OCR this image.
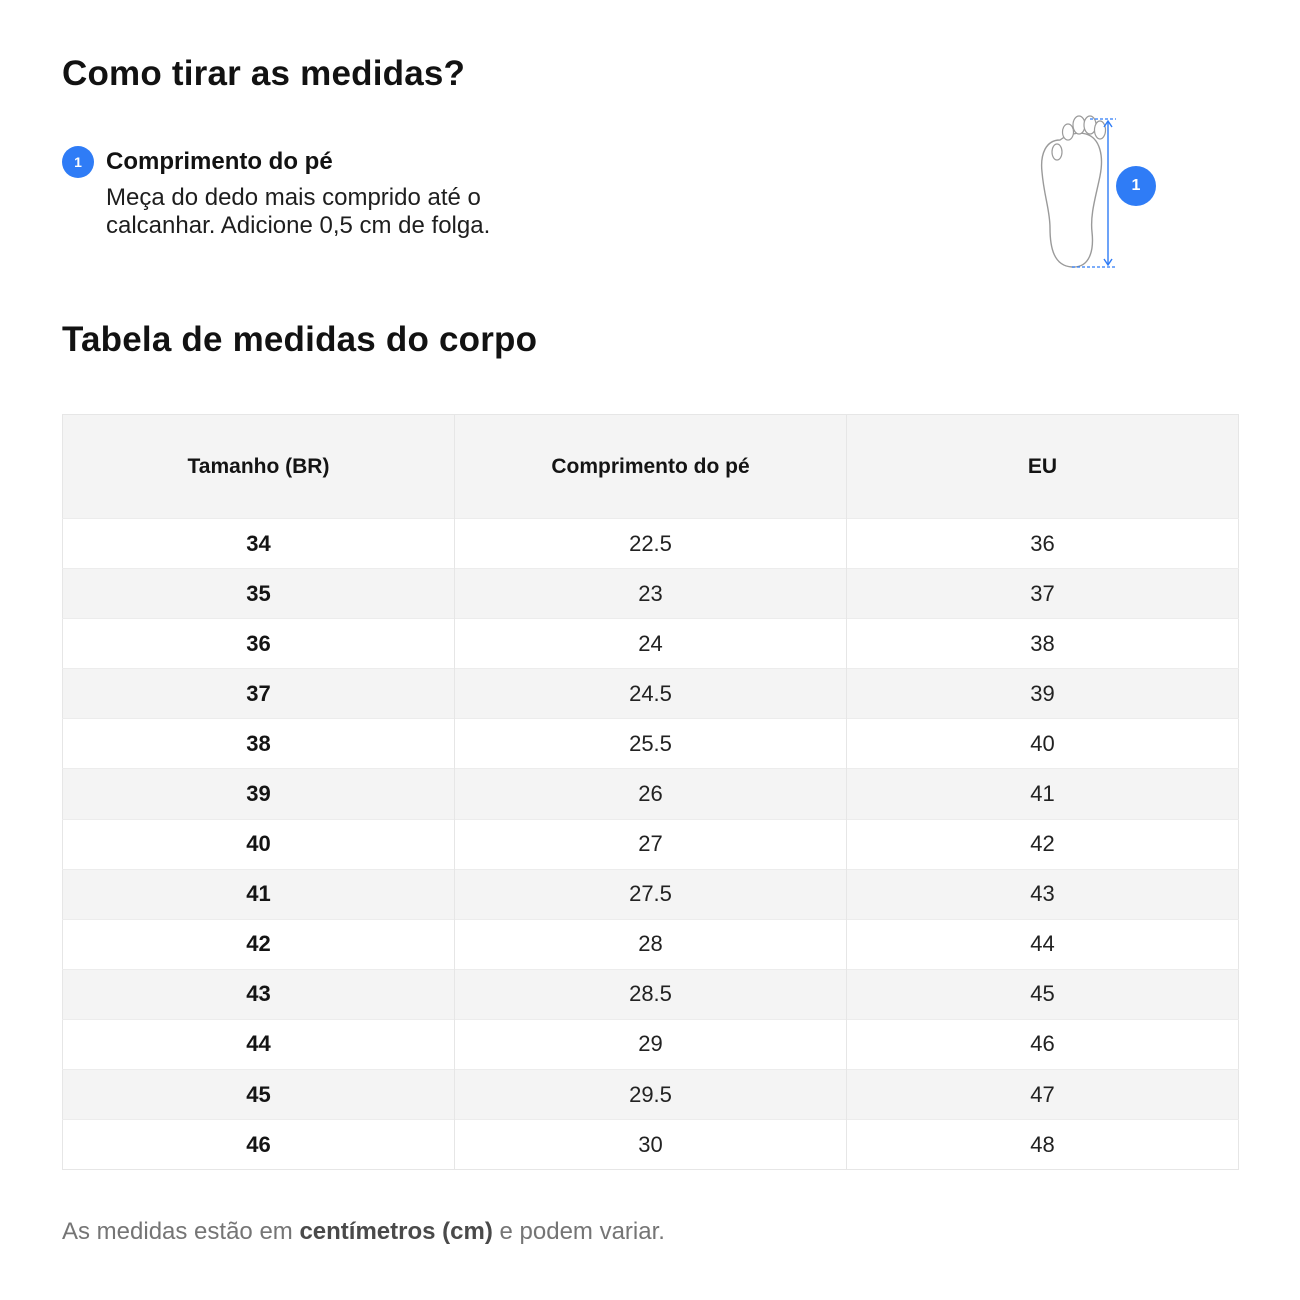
Como tirar as medidas?
1	Comprimento do pé
Meça do dedo mais comprido até o calcanhar. Adicione 0,5 cm de folga.
1
Tabela de medidas do corpo
Tamanho (BR)	Comprimento do pé	EU
34	22.5	36
35	23	37
36	24	38
37	24.5	39
38	25.5	40
39	26	41
40	27	42
41	27.5	43
42	28	44
43	28.5	45
44	29	46
45	29.5	47
46	30	48

As medidas estão em centímetros (cm) e podem variar.
